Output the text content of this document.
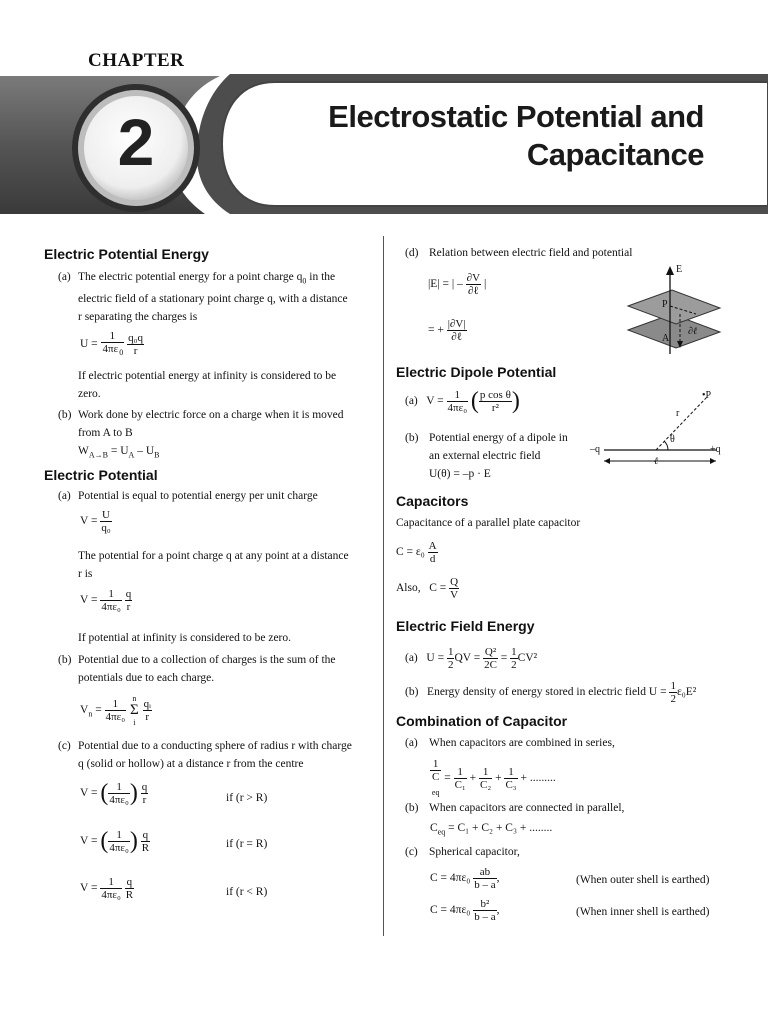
CHAPTER
2	Electrostatic Potential and
Capacitance
Electric Potential Energy
(a) The electric potential energy for a point charge $q_0$ in the
electric field of a stationary point charge q, with a distance
r separating the charges is
$U = \frac{1}{4\pi\varepsilon_0}$
$\frac{\text{q₀q}}{r}$
If electric potential energy at infinity is considered to be
zero.
(b) Work done by electric force on a charge when it is moved
from A to B
$W_{A\to B} = U_A - U_B$
Electric Potential
(a) Potential is equal to potential energy per unit charge
$V = \frac{U}{\text{q₀}}$
The potential for a point charge q at any point at a distance
r is
$V = \frac{1}{\text{4πε₀}}$
$\frac{q}{r}$
If potential at infinity is considered to be zero.
(b) Potential due to a collection of charges is the sum of the
potentials due to each charge.
$V_n = \frac{1}{\text{4πε₀}}$
n
Σ
i
$\frac{\text{qᵢ}}{r}$
(c) Potential due to a conducting sphere of radius r with charge
q (solid or hollow) at a distance r from the centre
V = ( $\frac{1}{\text{4πε₀}}$ ) $\frac{q}{r}$	if (r > R)
V = ( $\frac{1}{\text{4πε₀}}$ ) $\frac{q}{R}$	if (r = R)
$V = \frac{1}{\text{4πε₀}}$
$\frac{q}{R}$	if (r < R)
(d) Relation between electric field and potential
|E| = | – $\frac{\partial V}{\text{∂ℓ}}$ |
= + $\frac{|\partial V|}{\text{∂ℓ}}$
E
P
A
∂ℓ
Electric Dipole Potential
(a) $V = \frac{1}{\text{4πε₀}}$ ( $\frac{\text{p cos θ}}{\text{r²}}$ )
(b) Potential energy of a dipole in
an external electric field
U(θ) = –p · E
•P
r
θ
–q	+q
ℓ
Capacitors
Capacitance of a parallel plate capacitor
$C = \varepsilon_0 \frac{A}{d}$
Also, $C = \frac{Q}{V}$
Electric Field Energy
(a) $U = \frac{1}{2}$ QV = $\frac{\text{Q²}}{2C} = \frac{1}{2} CV^2$
(b) Energy density of energy stored in electric field $U = \frac{1}{2} \varepsilon_0E^2$
Combination of Capacitor
(a) When capacitors are combined in series,
1
C
$_{eq} = \frac{1}{\text{C₁}} + \frac{1}{\text{C₂}} + \frac{1}{\text{C₃}}$ + .........
(b) When capacitors are connected in parallel,
$C_{eq} = C_1 + C_2 + C_3$ + ........
(c) Spherical capacitor,
$C = 4\pi\varepsilon_0 \frac{ab}{b - a}$ ,	(When outer shell is earthed)
$C = 4\pi\varepsilon_0 \frac{\text{b²}}{b - a}$ ,	(When inner shell is earthed)
